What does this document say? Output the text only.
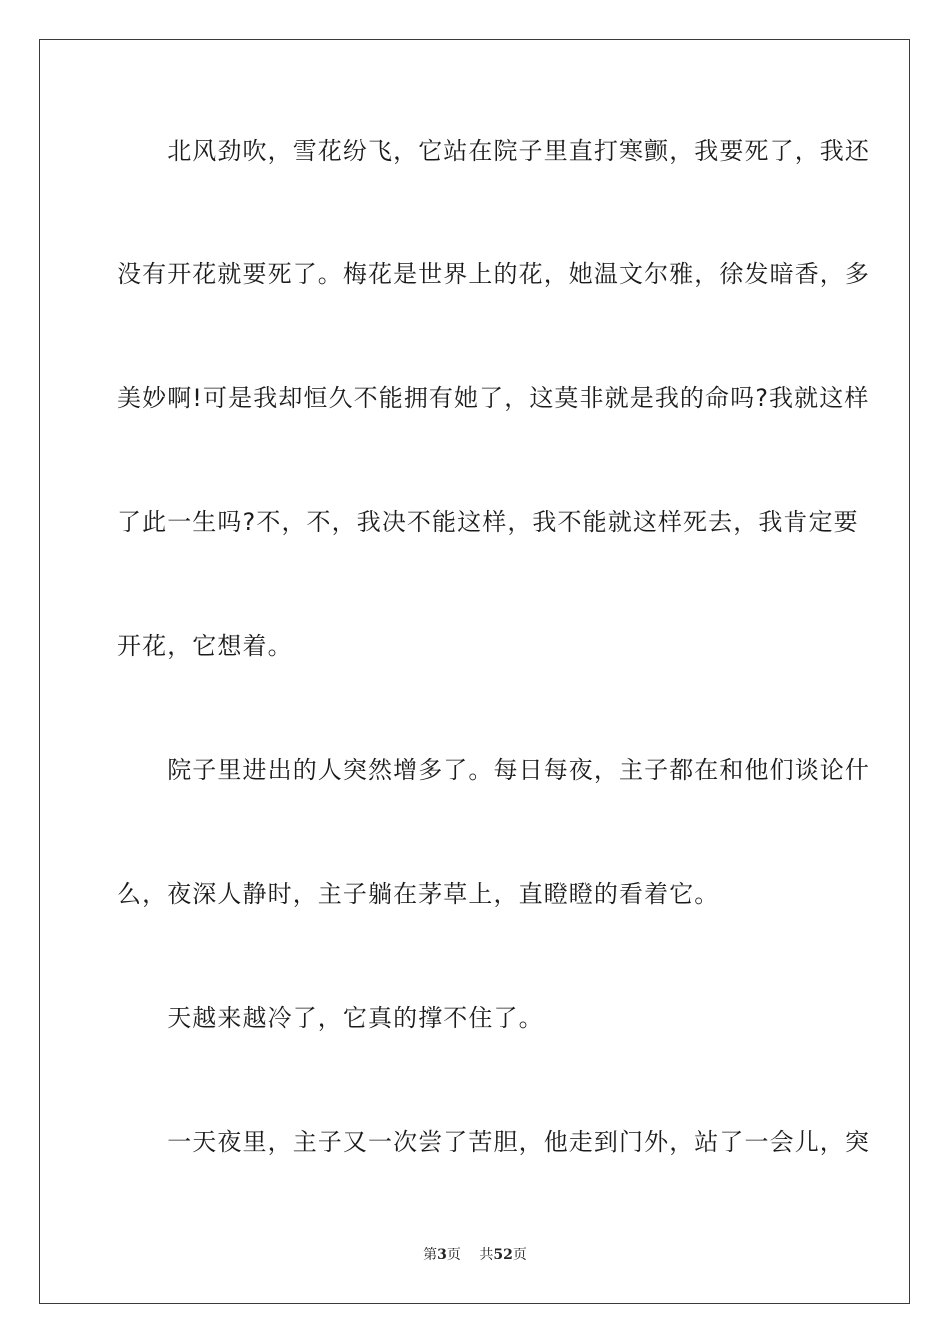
　　北风劲吹，雪花纷飞，它站在院子里直打寒颤，我要死了，我还
没有开花就要死了。梅花是世界上的花，她温文尔雅，徐发暗香，多
美妙啊!可是我却恒久不能拥有她了，这莫非就是我的命吗?我就这样
了此一生吗?不，不，我决不能这样，我不能就这样死去，我肯定要
开花，它想着。
　　院子里进出的人突然增多了。每日每夜，主子都在和他们谈论什
么，夜深人静时，主子躺在茅草上，直瞪瞪的看着它。
　　天越来越冷了，它真的撑不住了。
　　一天夜里，主子又一次尝了苦胆，他走到门外，站了一会儿，突
第3页 共52页
